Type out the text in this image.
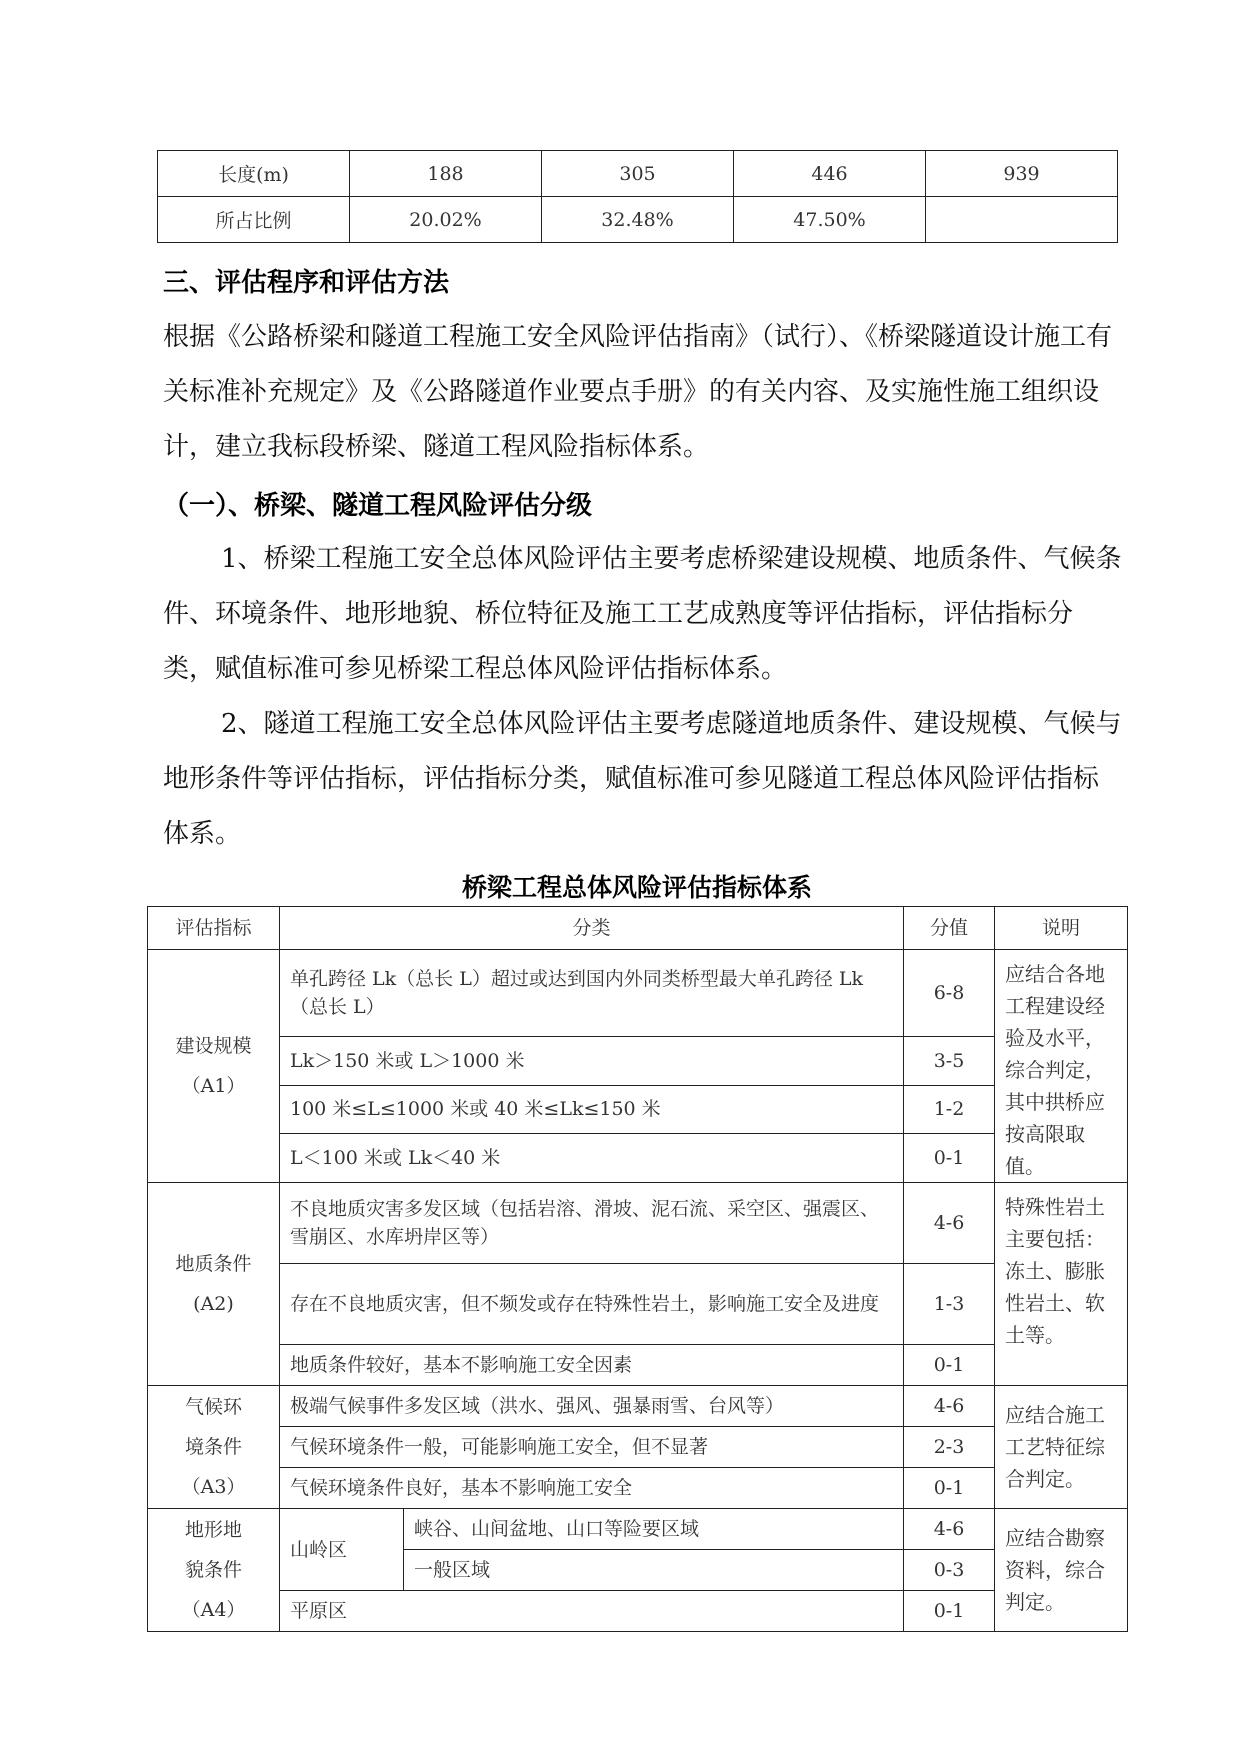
长度(m)	188	305	446	939
所占比例	20.02%	32.48%	47.50%	
三、评估程序和评估方法

根据《公路桥梁和隧道工程施工安全风险评估指南》（试行）、《桥梁隧道设计施工有关标准补充规定》及《公路隧道作业要点手册》的有关内容、及实施性施工组织设计，建立我标段桥梁、隧道工程风险指标体系。

（一）、桥梁、隧道工程风险评估分级

1、桥梁工程施工安全总体风险评估主要考虑桥梁建设规模、地质条件、气候条件、环境条件、地形地貌、桥位特征及施工工艺成熟度等评估指标，评估指标分类，赋值标准可参见桥梁工程总体风险评估指标体系。

2、隧道工程施工安全总体风险评估主要考虑隧道地质条件、建设规模、气候与地形条件等评估指标，评估指标分类，赋值标准可参见隧道工程总体风险评估指标体系。

桥梁工程总体风险评估指标体系
评估指标	分类		分值	说明

建设规模
（A1）	单孔跨径 Lk（总长 L）超过或达到国内外同类桥型最大单孔跨径 Lk（总长 L）		6-8	应结合各地工程建设经验及水平，综合判定，其中拱桥应按高限取值。
	Lk＞150 米或 L＞1000 米		3-5	
	100 米≤L≤1000 米或 40 米≤Lk≤150 米		1-2	
	L＜100 米或 Lk＜40 米		0-1	

地质条件
(A2)	不良地质灾害多发区域（包括岩溶、滑坡、泥石流、采空区、强震区、雪崩区、水库坍岸区等）		4-6	特殊性岩土主要包括：冻土、膨胀性岩土、软土等。
	存在不良地质灾害，但不频发或存在特殊性岩土，影响施工安全及进度		1-3	
	地质条件较好，基本不影响施工安全因素		0-1	

气候环
境条件
（A3）	极端气候事件多发区域（洪水、强风、强暴雨雪、台风等）		4-6	应结合施工工艺特征综合判定。
	气候环境条件一般，可能影响施工安全，但不显著		2-3	
	气候环境条件良好，基本不影响施工安全		0-1	

地形地
貌条件
（A4）	山岭区	峡谷、山间盆地、山口等险要区域	4-6	应结合勘察资料，综合判定。
		一般区域	0-3	
	平原区		0-1	
